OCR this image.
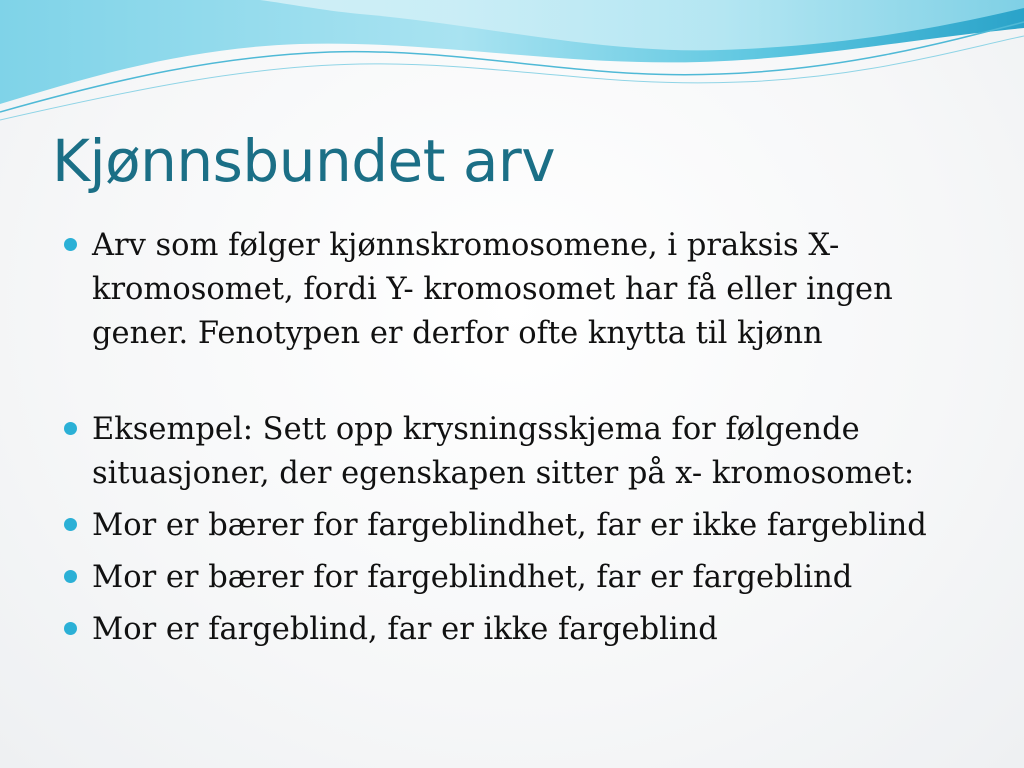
Kjønnsbundet arv
Arv som følger kjønnskromosomene, i praksis X- kromosomet, fordi Y- kromosomet har få eller ingen gener. Fenotypen er derfor ofte knytta til kjønn
Eksempel: Sett opp krysningsskjema for følgende situasjoner, der egenskapen sitter på x- kromosomet:
Mor er bærer for fargeblindhet, far er ikke fargeblind
Mor er bærer for fargeblindhet, far er fargeblind
Mor er fargeblind, far er ikke fargeblind
